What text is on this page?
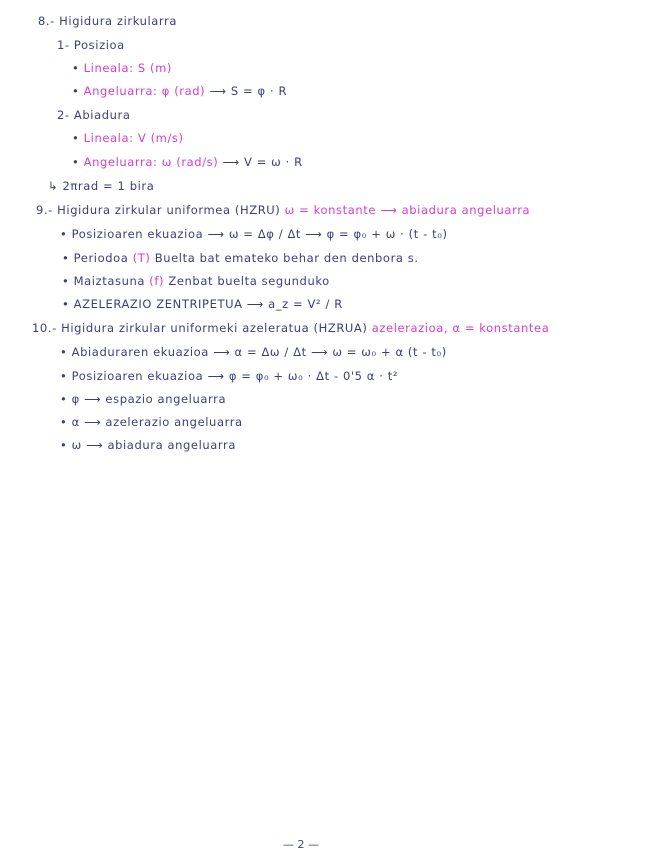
8.- Higidura zirkularra
1- Posizioa
• Lineala: S (m)
• Angeluarra: φ (rad) ⟶ S = φ · R
2- Abiadura
• Lineala: V (m/s)
• Angeluarra: ω (rad/s) ⟶ V = ω · R
↳ 2πrad = 1 bira
9.- Higidura zirkular uniformea (HZRU) ω = konstante ⟶ abiadura angeluarra
• Posizioaren ekuazioa ⟶ ω = Δφ / Δt ⟶ φ = φ₀ + ω · (t - t₀)
• Periodoa (T) Buelta bat emateko behar den denbora s.
• Maiztasuna (f) Zenbat buelta segunduko
• AZELERAZIO ZENTRIPETUA ⟶ a_z = V² / R
10.- Higidura zirkular uniformeki azeleratua (HZRUA) azelerazioa, α = konstantea
• Abiaduraren ekuazioa ⟶ α = Δω / Δt ⟶ ω = ω₀ + α (t - t₀)
• Posizioaren ekuazioa ⟶ φ = φ₀ + ω₀ · Δt - 0'5 α · t²
• φ ⟶ espazio angeluarra
• α ⟶ azelerazio angeluarra
• ω ⟶ abiadura angeluarra
— 2 —
